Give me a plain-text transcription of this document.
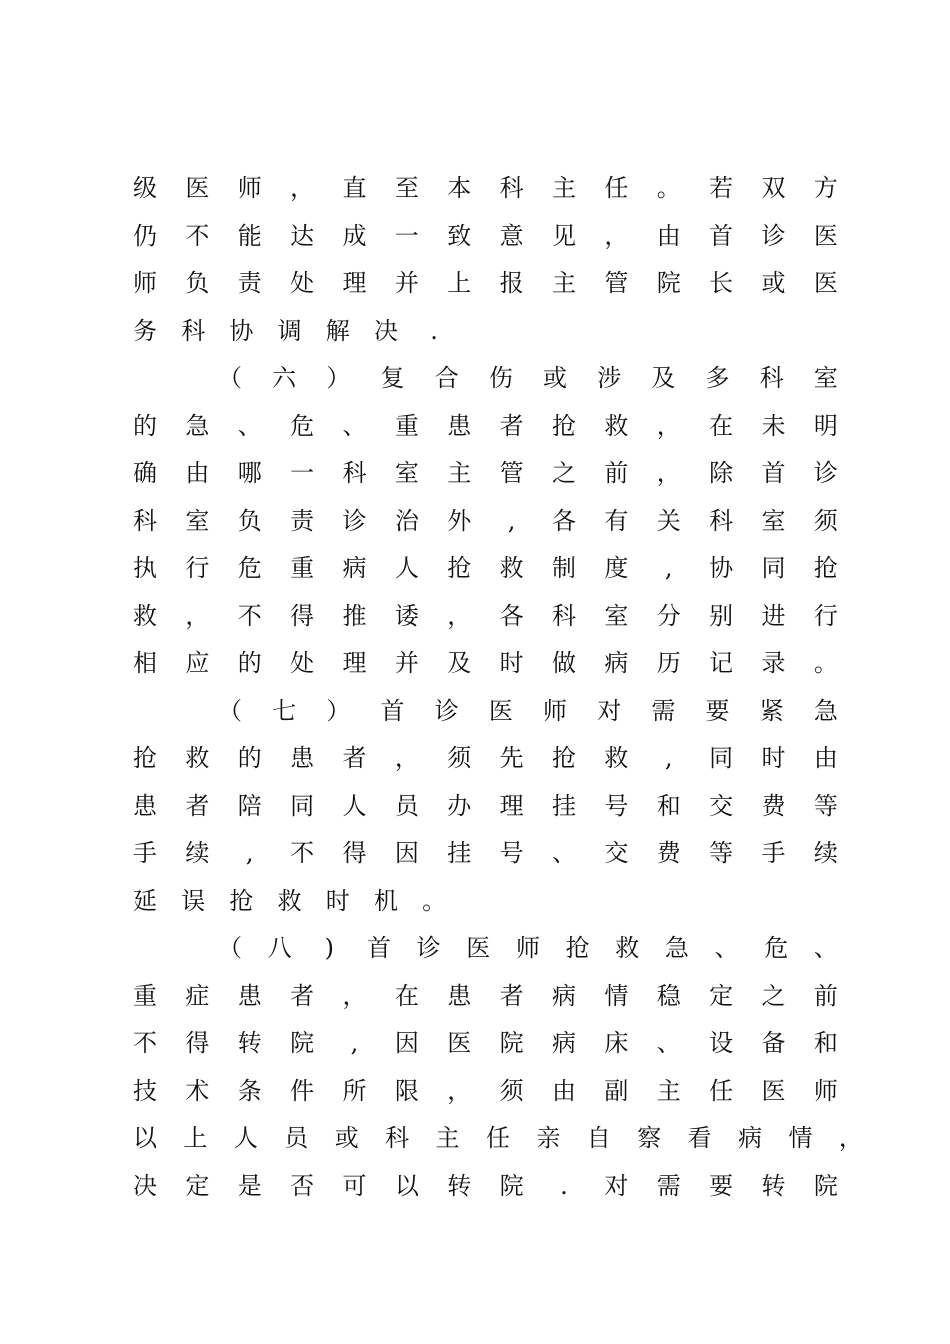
级 医 师 ， 直 至 本 科 主 任 。 若 双 方
仍 不 能 达 成 一 致 意 见 ， 由 首 诊 医
师 负 责 处 理 并 上 报 主 管 院 长 或 医
务 科 协 调 解 决	.
（ 六 ） 复 合 伤 或 涉 及 多 科 室
的 急 、 危 、 重 患 者 抢 救 ， 在 未 明
确 由 哪 一 科 室 主 管 之 前 ， 除 首 诊
科 室 负 责 诊 治 外	,	各 有 关 科 室 须
执 行 危 重 病 人 抢 救 制 度	,	协 同 抢
救 ， 不 得 推 诿 ， 各 科 室 分 别 进 行
相 应 的 处 理 并 及 时 做 病 历 记 录 。
（ 七 ） 首 诊 医 师 对 需 要 紧 急
抢 救 的 患 者 ， 须 先 抢 救	,	同 时 由
患 者 陪 同 人 员 办 理 挂 号 和 交 费 等
手 续	,	不 得 因 挂 号 、 交 费 等 手 续
延 误 抢 救 时 机 。
（ 八	)	首 诊 医 师 抢 救 急 、 危 、
重 症 患 者 ， 在 患 者 病 情 稳 定 之 前
不 得 转 院	,	因 医 院 病 床 、 设 备 和
技 术 条 件 所 限 ， 须 由 副 主 任 医 师
以 上 人 员 或 科 主 任 亲 自 察 看 病 情 ，
决 定 是 否 可 以 转 院	.	对 需 要 转 院
